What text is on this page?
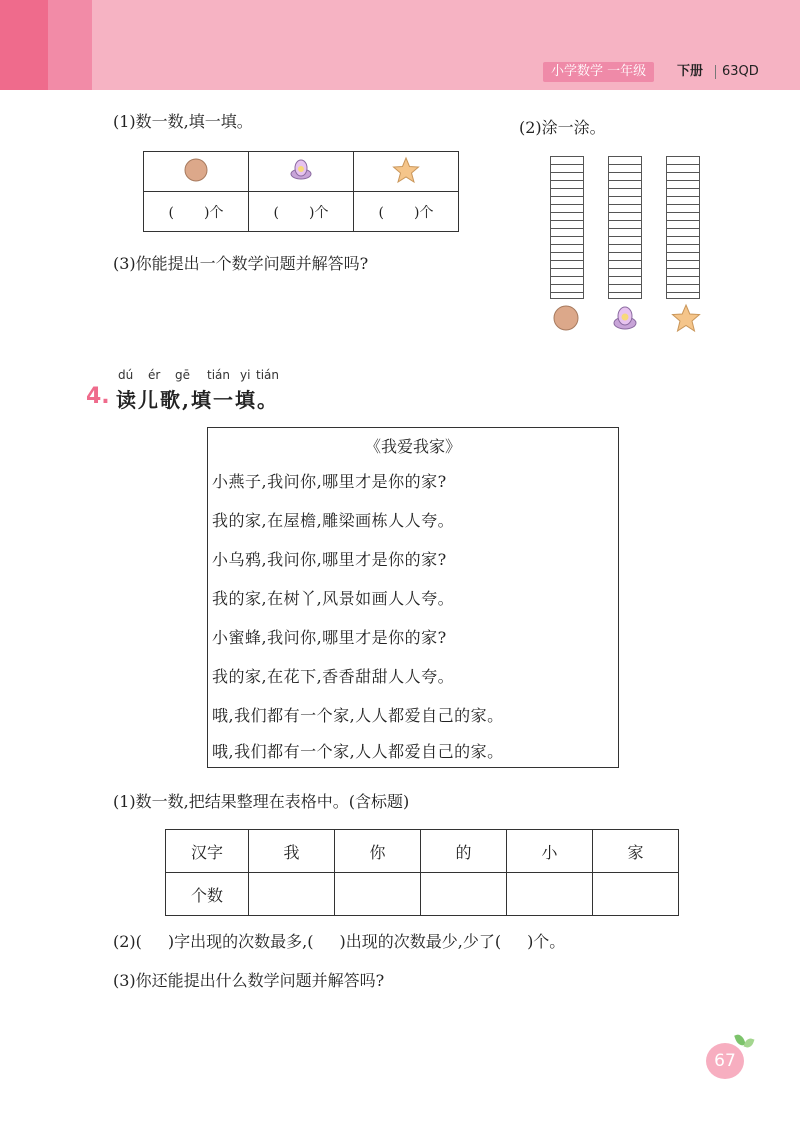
小学数学 一年级	下册 63QD
(1)数一数,填一填。

( )个	( )个	( )个
(3)你能提出一个数学问题并解答吗?
(2)涂一涂。
dú ér gē tián yi tián
4. 读儿歌,填一填。
《我爱我家》
小燕子,我问你,哪里才是你的家?
我的家,在屋檐,雕梁画栋人人夸。
小乌鸦,我问你,哪里才是你的家?
我的家,在树丫,风景如画人人夸。
小蜜蜂,我问你,哪里才是你的家?
我的家,在花下,香香甜甜人人夸。
哦,我们都有一个家,人人都爱自己的家。
哦,我们都有一个家,人人都爱自己的家。
(1)数一数,把结果整理在表格中。(含标题)
汉字	我	你	的	小	家
个数					
(2)( )字出现的次数最多,( )出现的次数最少,少了( )个。
(3)你还能提出什么数学问题并解答吗?
67
